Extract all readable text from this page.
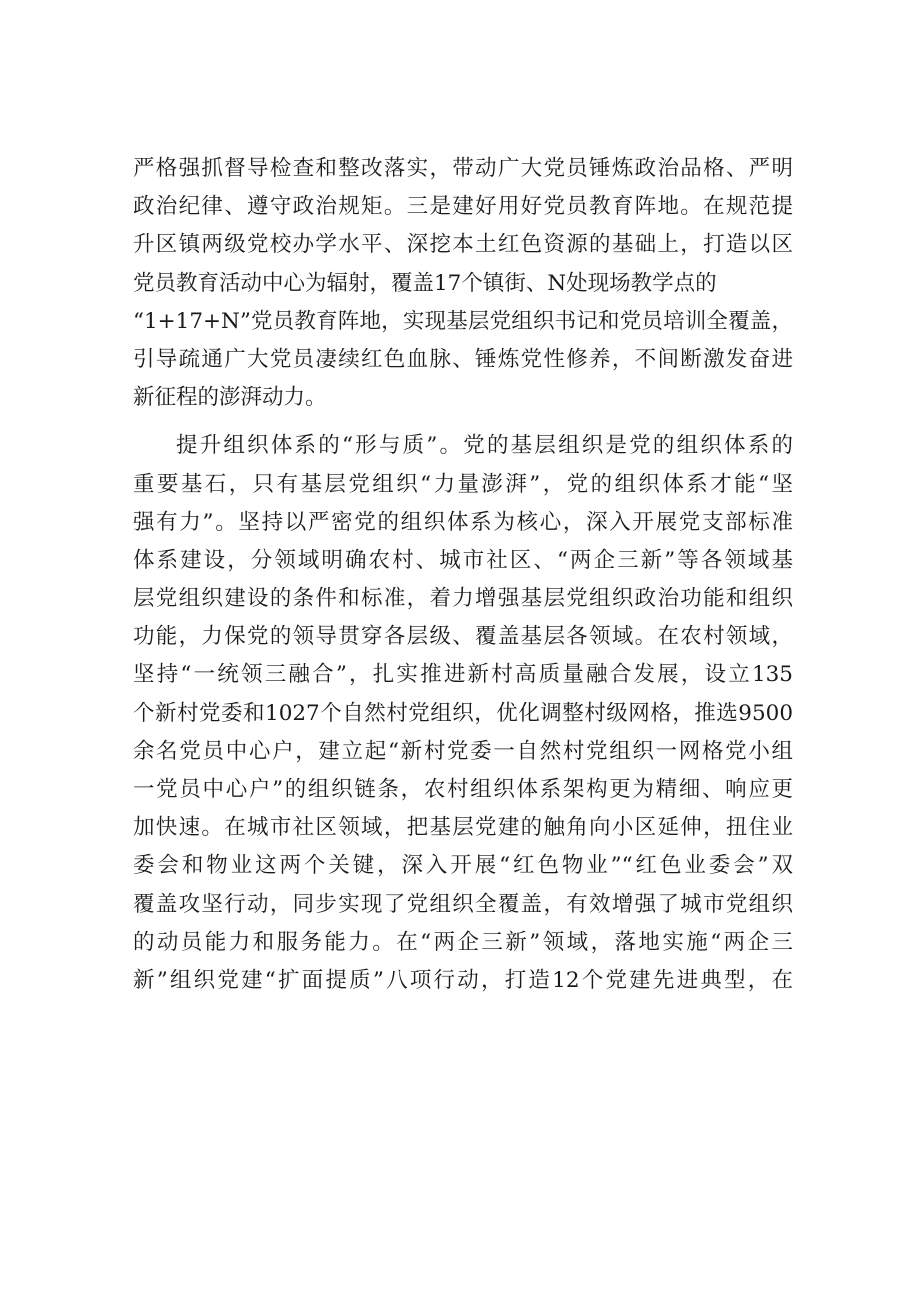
严格强抓督导检查和整改落实，带动广大党员锤炼政治品格、严明
政治纪律、遵守政治规矩。三是建好用好党员教育阵地。在规范提
升区镇两级党校办学水平、深挖本土红色资源的基础上，打造以区
党员教育活动中心为辐射，覆盖17个镇街、N处现场教学点的
“1+17+N”党员教育阵地，实现基层党组织书记和党员培训全覆盖，
引导疏通广大党员凄续红色血脉、锤炼党性修养，不间断激发奋进
新征程的澎湃动力。
提升组织体系的“形与质”。党的基层组织是党的组织体系的
重要基石，只有基层党组织“力量澎湃”，党的组织体系才能“坚
强有力”。坚持以严密党的组织体系为核心，深入开展党支部标准
体系建设，分领域明确农村、城市社区、“两企三新”等各领域基
层党组织建设的条件和标准，着力增强基层党组织政治功能和组织
功能，力保党的领导贯穿各层级、覆盖基层各领域。在农村领域，
坚持“一统领三融合”，扎实推进新村高质量融合发展，设立135
个新村党委和1027个自然村党组织，优化调整村级网格，推选9500
余名党员中心户，建立起“新村党委一自然村党组织一网格党小组
一党员中心户”的组织链条，农村组织体系架构更为精细、响应更
加快速。在城市社区领域，把基层党建的触角向小区延伸，扭住业
委会和物业这两个关键，深入开展“红色物业”“红色业委会”双
覆盖攻坚行动，同步实现了党组织全覆盖，有效增强了城市党组织
的动员能力和服务能力。在“两企三新”领域，落地实施“两企三
新”组织党建“扩面提质”八项行动，打造12个党建先进典型，在
